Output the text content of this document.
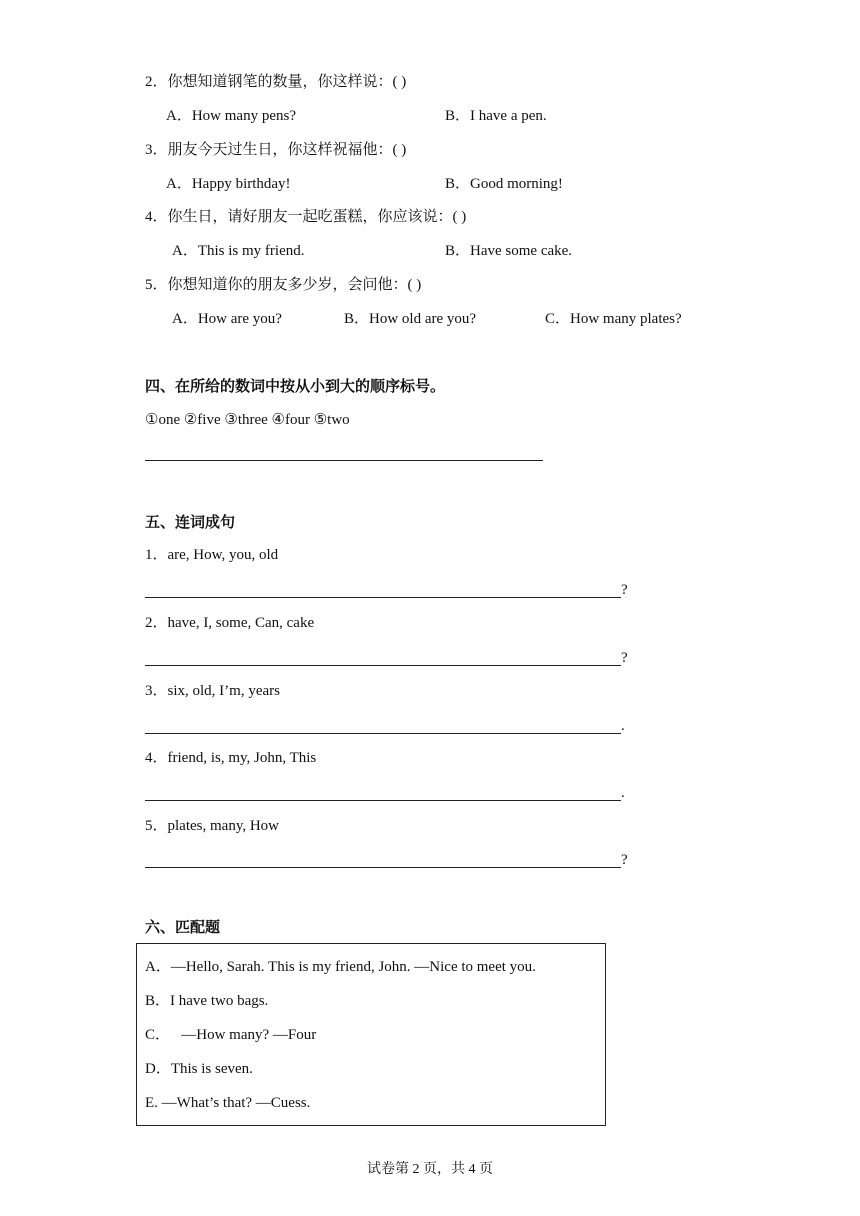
2．你想知道钢笔的数量，你这样说：( )
A．How many pens?	B．I have a pen.
3．朋友今天过生日，你这样祝福他：( )
A．Happy birthday!	B．Good morning!
4．你生日，请好朋友一起吃蛋糕，你应该说：( )
A．This is my friend.	B．Have some cake.
5．你想知道你的朋友多少岁，会问他：( )
A．How are you?	B．How old are you?	C．How many plates?
四、在所给的数词中按从小到大的顺序标号。
①one ②five ③three ④four ⑤two
五、连词成句
1．are, How, you, old
?
2．have, I, some, Can, cake
?
3．six, old, I’m, years
.
4．friend, is, my, John, This
.
5．plates, many, How
?
六、匹配题
A．—Hello, Sarah. This is my friend, John. —Nice to meet you.
B．I have two bags.
C．   —How many? —Four
D．This is seven.
E. —What’s that? —Cuess.
试卷第 2 页，共 4 页
